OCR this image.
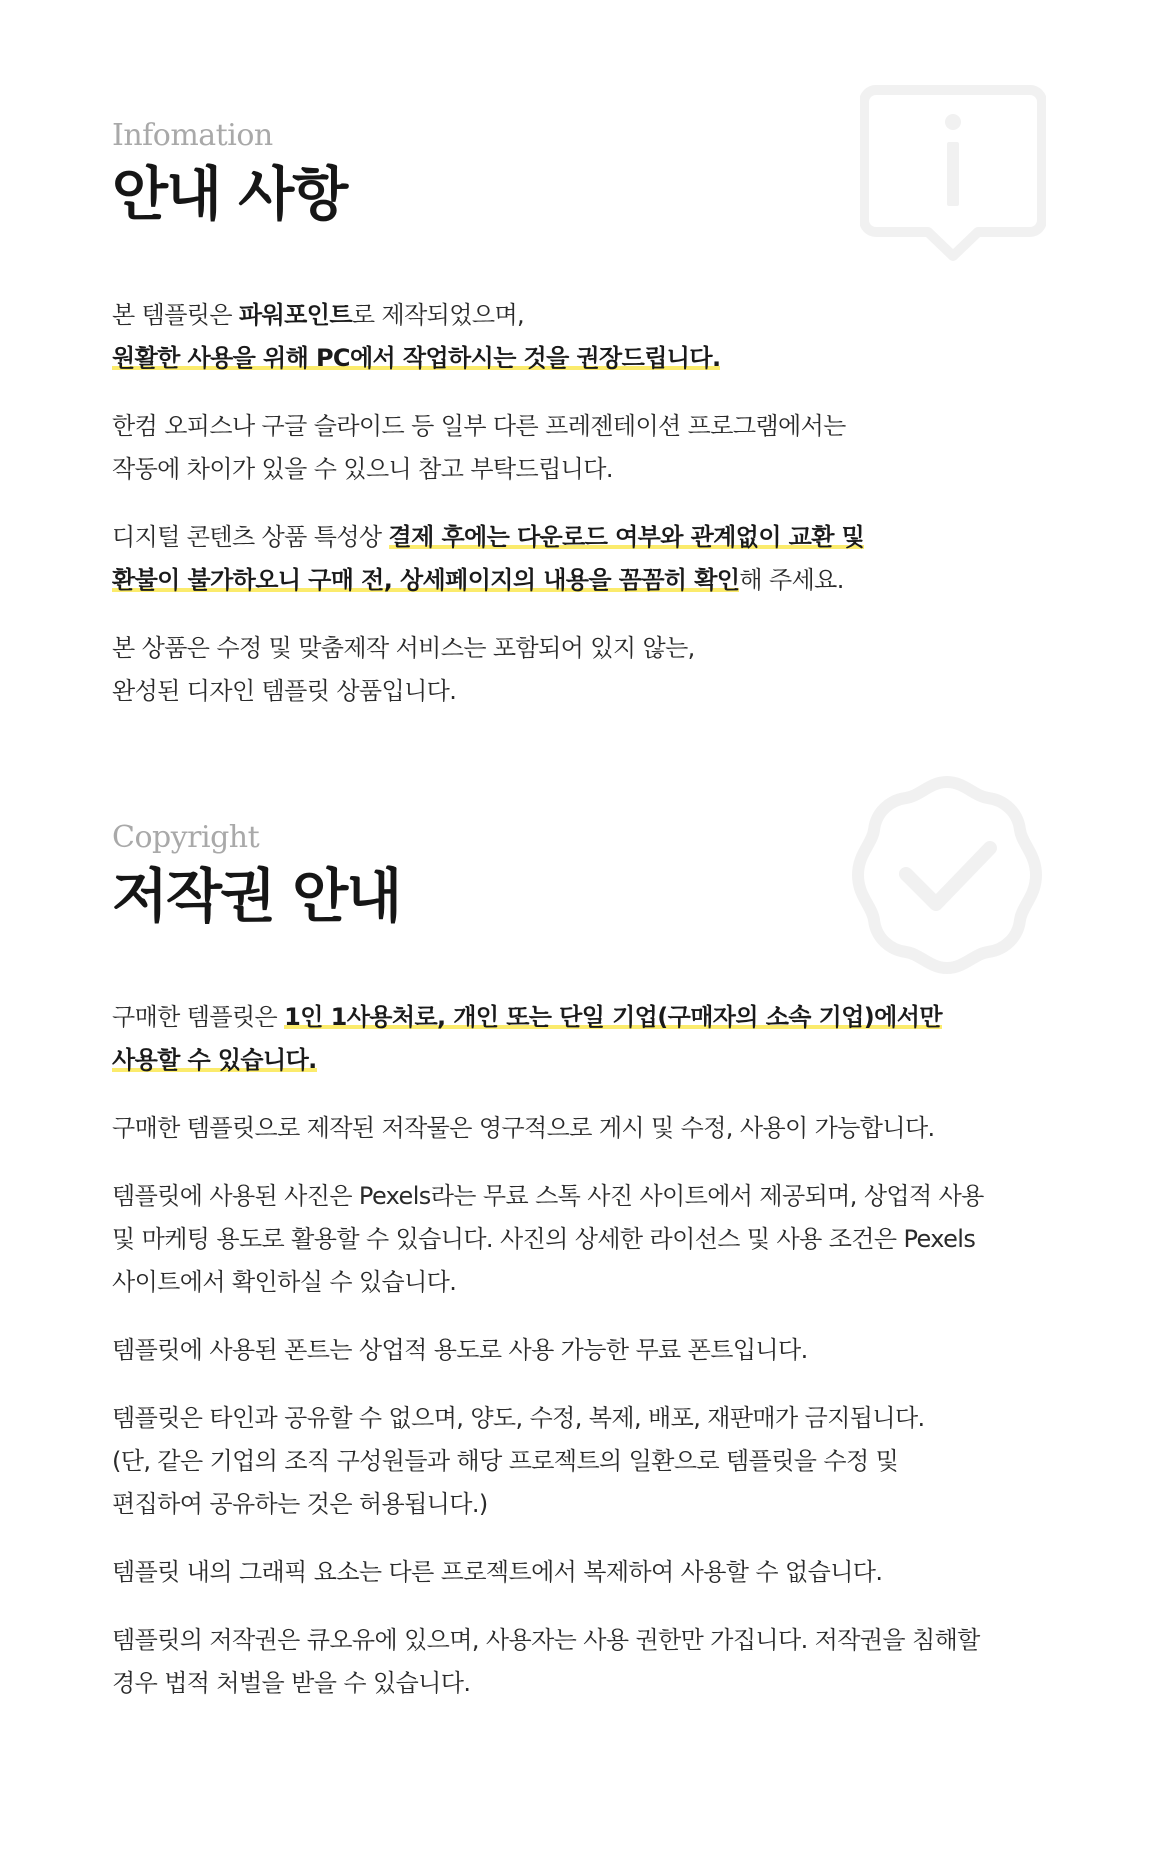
Infomation

안내 사항

본 템플릿은 파워포인트로 제작되었으며,
원활한 사용을 위해 PC에서 작업하시는 것을 권장드립니다.

한컴 오피스나 구글 슬라이드 등 일부 다른 프레젠테이션 프로그램에서는
작동에 차이가 있을 수 있으니 참고 부탁드립니다.

디지털 콘텐츠 상품 특성상 결제 후에는 다운로드 여부와 관계없이 교환 및
환불이 불가하오니 구매 전, 상세페이지의 내용을 꼼꼼히 확인해 주세요.

본 상품은 수정 및 맞춤제작 서비스는 포함되어 있지 않는,
완성된 디자인 템플릿 상품입니다.

Copyright

저작권 안내

구매한 템플릿은 1인 1사용처로, 개인 또는 단일 기업(구매자의 소속 기업)에서만
사용할 수 있습니다.

구매한 템플릿으로 제작된 저작물은 영구적으로 게시 및 수정, 사용이 가능합니다.

템플릿에 사용된 사진은 Pexels라는 무료 스톡 사진 사이트에서 제공되며, 상업적 사용
및 마케팅 용도로 활용할 수 있습니다. 사진의 상세한 라이선스 및 사용 조건은 Pexels
사이트에서 확인하실 수 있습니다.

템플릿에 사용된 폰트는 상업적 용도로 사용 가능한 무료 폰트입니다.

템플릿은 타인과 공유할 수 없으며, 양도, 수정, 복제, 배포, 재판매가 금지됩니다.
(단, 같은 기업의 조직 구성원들과 해당 프로젝트의 일환으로 템플릿을 수정 및
편집하여 공유하는 것은 허용됩니다.)

템플릿 내의 그래픽 요소는 다른 프로젝트에서 복제하여 사용할 수 없습니다.

템플릿의 저작권은 큐오유에 있으며, 사용자는 사용 권한만 가집니다. 저작권을 침해할
경우 법적 처벌을 받을 수 있습니다.
